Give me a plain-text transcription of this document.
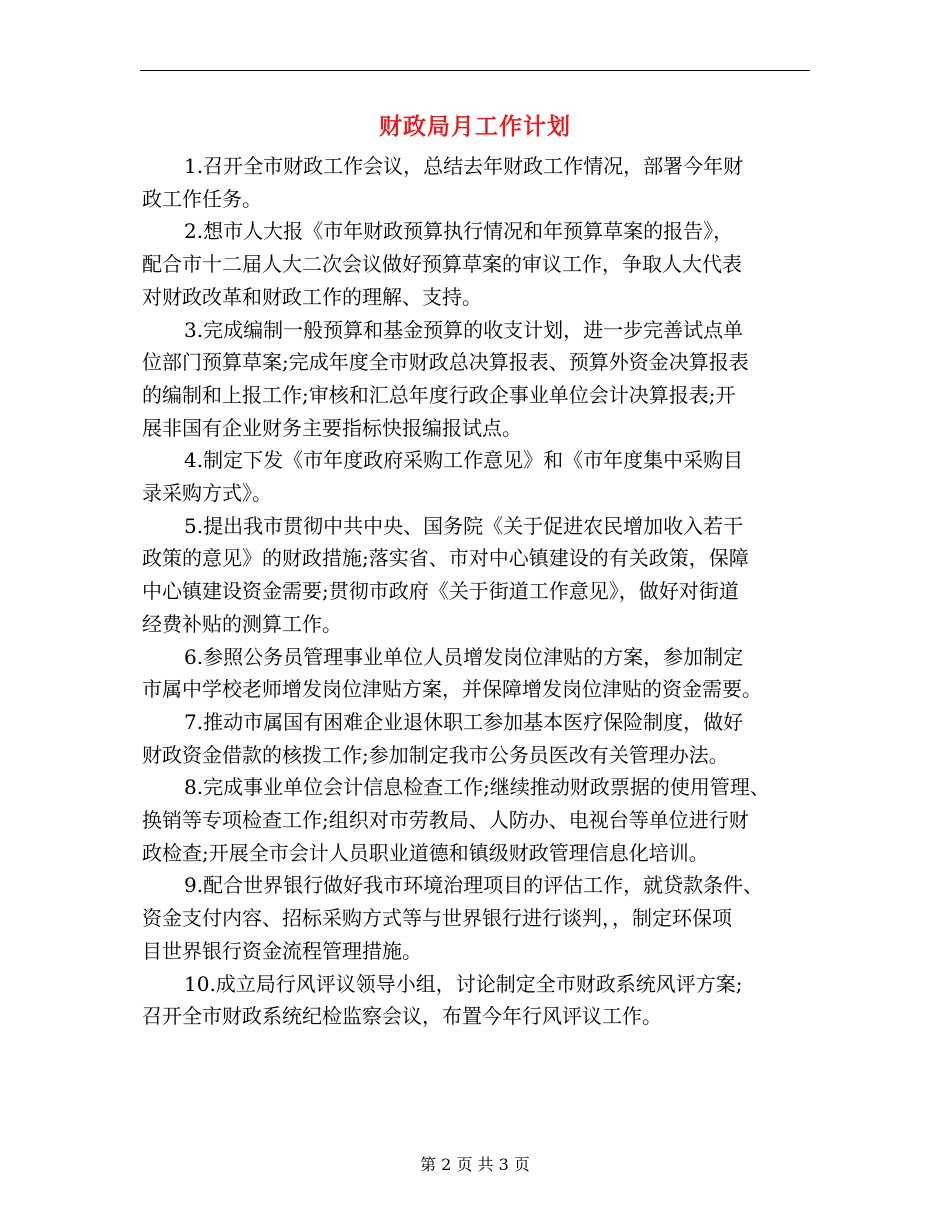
财政局月工作计划
1.召开全市财政工作会议，总结去年财政工作情况，部署今年财
政工作任务。
2.想市人大报《市年财政预算执行情况和年预算草案的报告》，
配合市十二届人大二次会议做好预算草案的审议工作，争取人大代表
对财政改革和财政工作的理解、支持。
3.完成编制一般预算和基金预算的收支计划，进一步完善试点单
位部门预算草案;完成年度全市财政总决算报表、预算外资金决算报表
的编制和上报工作;审核和汇总年度行政企事业单位会计决算报表;开
展非国有企业财务主要指标快报编报试点。
4.制定下发《市年度政府采购工作意见》和《市年度集中采购目
录采购方式》。
5.提出我市贯彻中共中央、国务院《关于促进农民增加收入若干
政策的意见》的财政措施;落实省、市对中心镇建设的有关政策，保障
中心镇建设资金需要;贯彻市政府《关于街道工作意见》，做好对街道
经费补贴的测算工作。
6.参照公务员管理事业单位人员增发岗位津贴的方案，参加制定
市属中学校老师增发岗位津贴方案，并保障增发岗位津贴的资金需要。
7.推动市属国有困难企业退休职工参加基本医疗保险制度，做好
财政资金借款的核拨工作;参加制定我市公务员医改有关管理办法。
8.完成事业单位会计信息检查工作;继续推动财政票据的使用管理、
换销等专项检查工作;组织对市劳教局、人防办、电视台等单位进行财
政检查;开展全市会计人员职业道德和镇级财政管理信息化培训。
9.配合世界银行做好我市环境治理项目的评估工作，就贷款条件、
资金支付内容、招标采购方式等与世界银行进行谈判，，制定环保项
目世界银行资金流程管理措施。
10.成立局行风评议领导小组，讨论制定全市财政系统风评方案;
召开全市财政系统纪检监察会议，布置今年行风评议工作。
第 2 页 共 3 页
